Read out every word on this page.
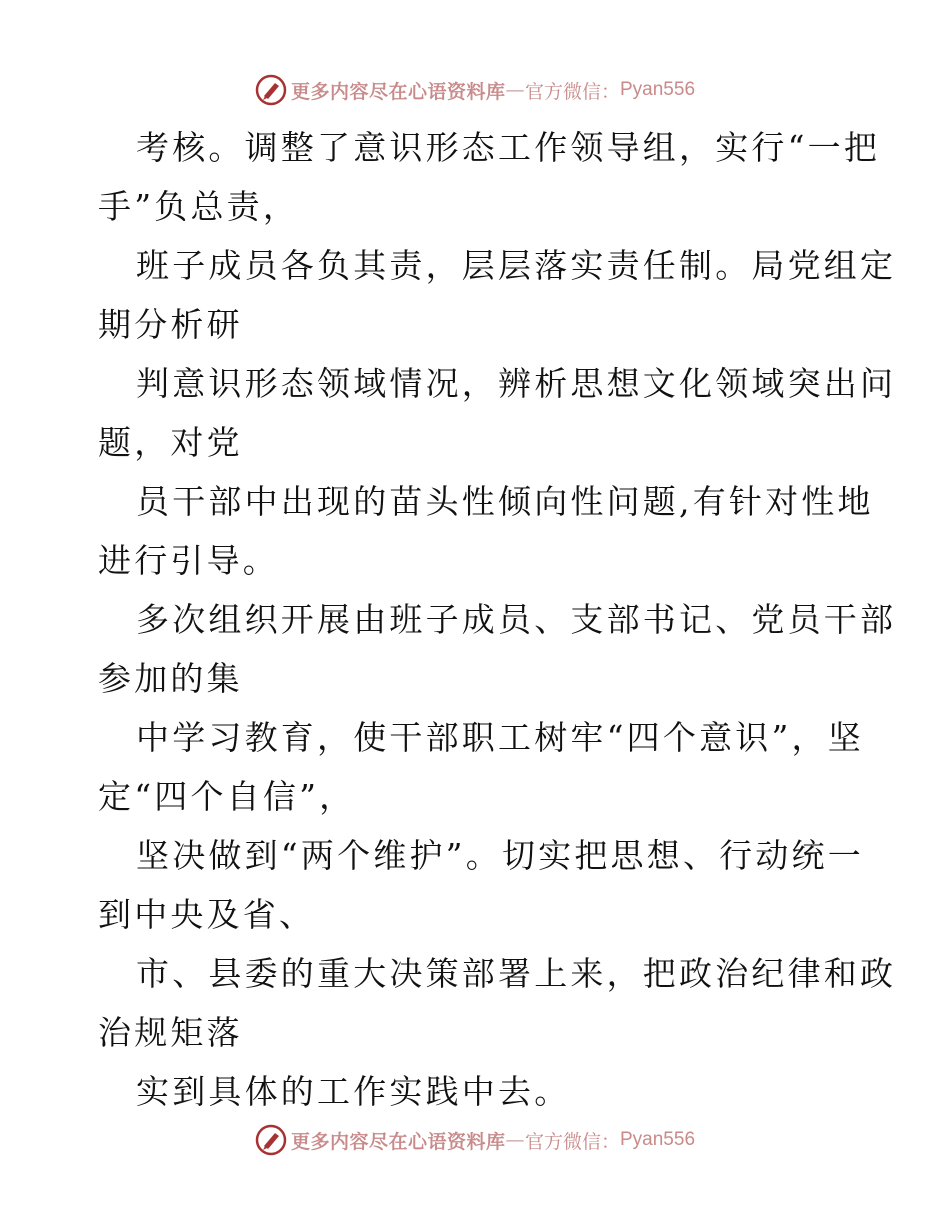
更多内容尽在心语资料库 — 官方微信： Pyan556
考核。调整了意识形态工作领导组，实行“一把
手”负总责，
班子成员各负其责，层层落实责任制。局党组定
期分析研
判意识形态领域情况，辨析思想文化领域突出问
题，对党
员干部中出现的苗头性倾向性问题,有针对性地
进行引导。
多次组织开展由班子成员、支部书记、党员干部
参加的集
中学习教育，使干部职工树牢“四个意识”，坚
定“四个自信”，
坚决做到“两个维护”。切实把思想、行动统一
到中央及省、
市、县委的重大决策部署上来，把政治纪律和政
治规矩落
实到具体的工作实践中去。
更多内容尽在心语资料库 — 官方微信： Pyan556
